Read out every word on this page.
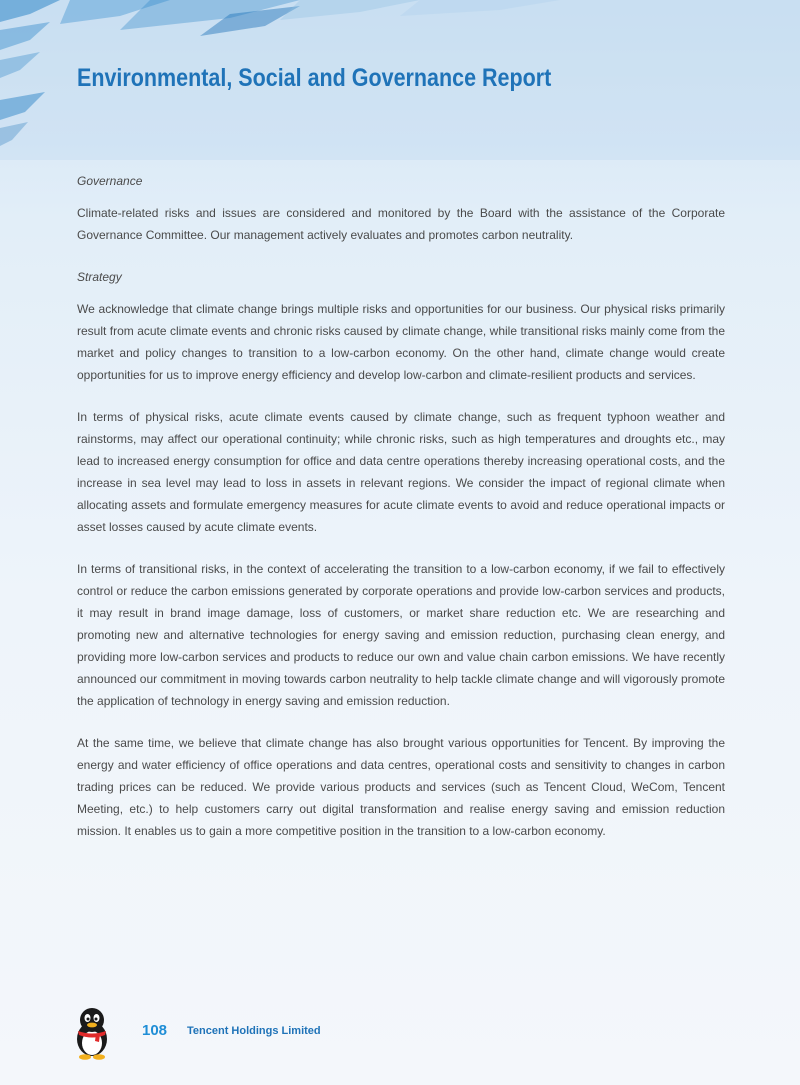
Environmental, Social and Governance Report
Governance

Climate-related risks and issues are considered and monitored by the Board with the assistance of the Corporate Governance Committee. Our management actively evaluates and promotes carbon neutrality.

Strategy

We acknowledge that climate change brings multiple risks and opportunities for our business. Our physical risks primarily result from acute climate events and chronic risks caused by climate change, while transitional risks mainly come from the market and policy changes to transition to a low-carbon economy. On the other hand, climate change would create opportunities for us to improve energy efficiency and develop low-carbon and climate-resilient products and services.

In terms of physical risks, acute climate events caused by climate change, such as frequent typhoon weather and rainstorms, may affect our operational continuity; while chronic risks, such as high temperatures and droughts etc., may lead to increased energy consumption for office and data centre operations thereby increasing operational costs, and the increase in sea level may lead to loss in assets in relevant regions. We consider the impact of regional climate when allocating assets and formulate emergency measures for acute climate events to avoid and reduce operational impacts or asset losses caused by acute climate events.

In terms of transitional risks, in the context of accelerating the transition to a low-carbon economy, if we fail to effectively control or reduce the carbon emissions generated by corporate operations and provide low-carbon services and products, it may result in brand image damage, loss of customers, or market share reduction etc. We are researching and promoting new and alternative technologies for energy saving and emission reduction, purchasing clean energy, and providing more low-carbon services and products to reduce our own and value chain carbon emissions. We have recently announced our commitment in moving towards carbon neutrality to help tackle climate change and will vigorously promote the application of technology in energy saving and emission reduction.

At the same time, we believe that climate change has also brought various opportunities for Tencent. By improving the energy and water efficiency of office operations and data centres, operational costs and sensitivity to changes in carbon trading prices can be reduced. We provide various products and services (such as Tencent Cloud, WeCom, Tencent Meeting, etc.) to help customers carry out digital transformation and realise energy saving and emission reduction mission. It enables us to gain a more competitive position in the transition to a low-carbon economy.

108 Tencent Holdings Limited
